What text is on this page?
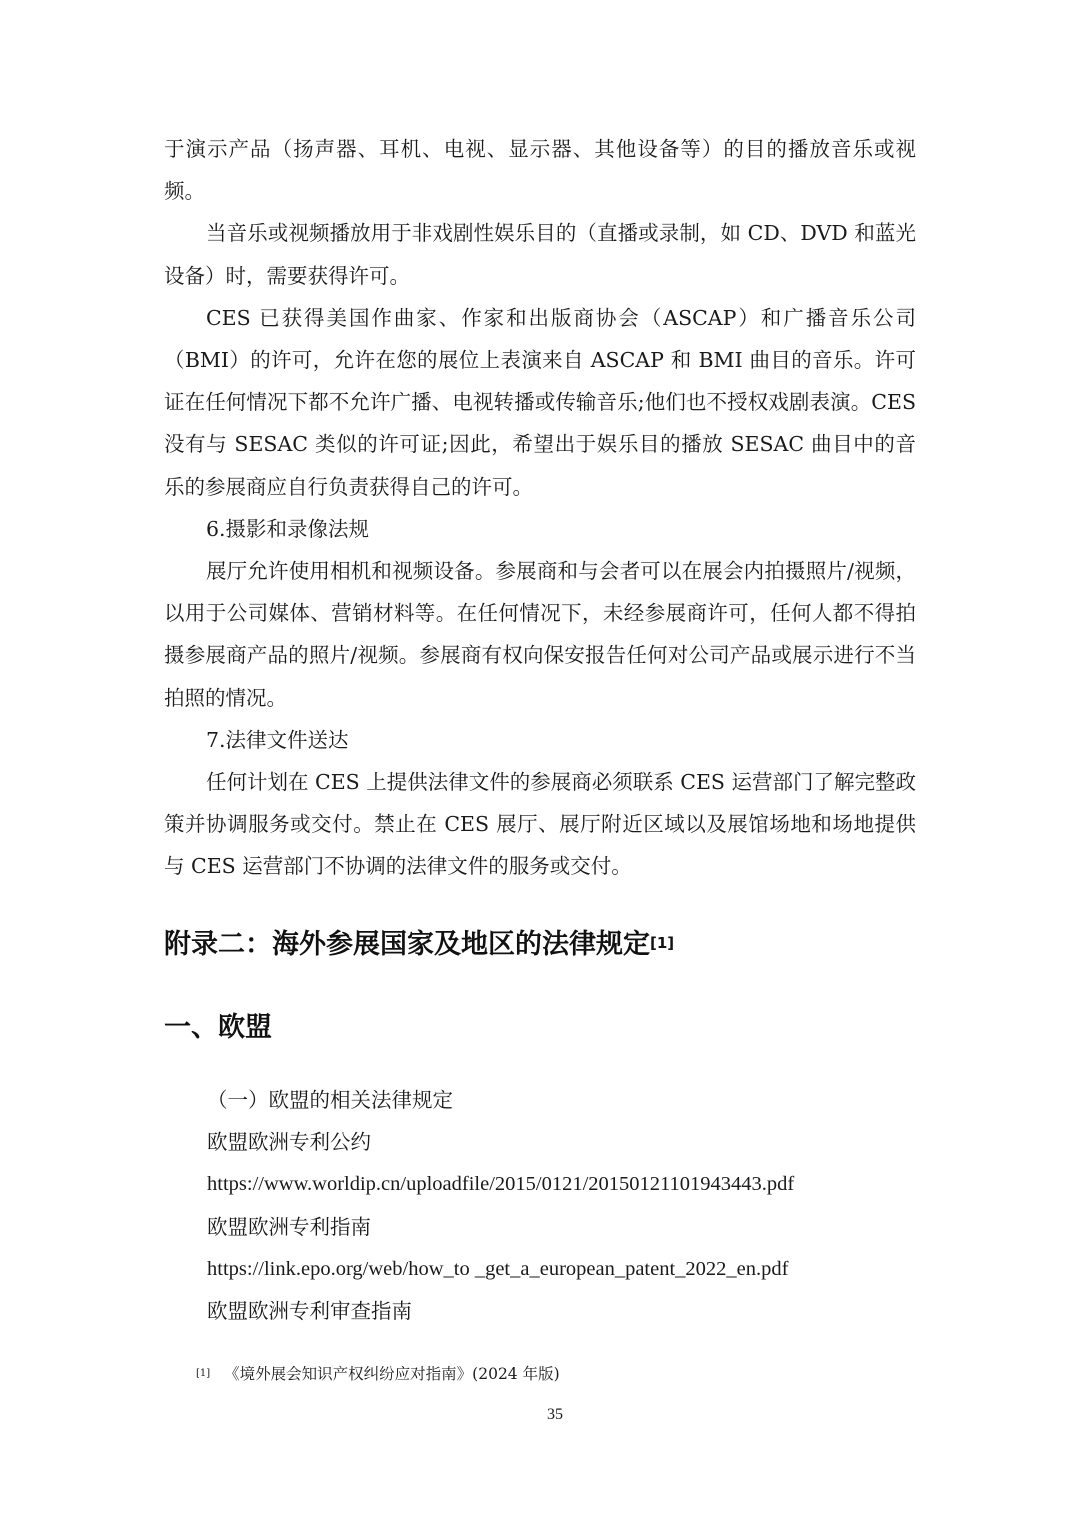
于演示产品（扬声器、耳机、电视、显示器、其他设备等）的目的播放音乐或视频。

当音乐或视频播放用于非戏剧性娱乐目的（直播或录制，如 CD、DVD 和蓝光设备）时，需要获得许可。

CES 已获得美国作曲家、作家和出版商协会（ASCAP）和广播音乐公司（BMI）的许可，允许在您的展位上表演来自 ASCAP 和 BMI 曲目的音乐。许可证在任何情况下都不允许广播、电视转播或传输音乐;他们也不授权戏剧表演。CES 没有与 SESAC 类似的许可证;因此，希望出于娱乐目的播放 SESAC 曲目中的音乐的参展商应自行负责获得自己的许可。

6.摄影和录像法规

展厅允许使用相机和视频设备。参展商和与会者可以在展会内拍摄照片/视频，以用于公司媒体、营销材料等。在任何情况下，未经参展商许可，任何人都不得拍摄参展商产品的照片/视频。参展商有权向保安报告任何对公司产品或展示进行不当拍照的情况。

7.法律文件送达

任何计划在 CES 上提供法律文件的参展商必须联系 CES 运营部门了解完整政策并协调服务或交付。禁止在 CES 展厅、展厅附近区域以及展馆场地和场地提供与 CES 运营部门不协调的法律文件的服务或交付。

附录二：海外参展国家及地区的法律规定[1]
一、欧盟
（一）欧盟的相关法律规定
欧盟欧洲专利公约
https://www.worldip.cn/uploadfile/2015/0121/20150121101943443.pdf
欧盟欧洲专利指南
https://link.epo.org/web/how_to _get_a_european_patent_2022_en.pdf
欧盟欧洲专利审查指南
[1] 《境外展会知识产权纠纷应对指南》(2024 年版)
35
